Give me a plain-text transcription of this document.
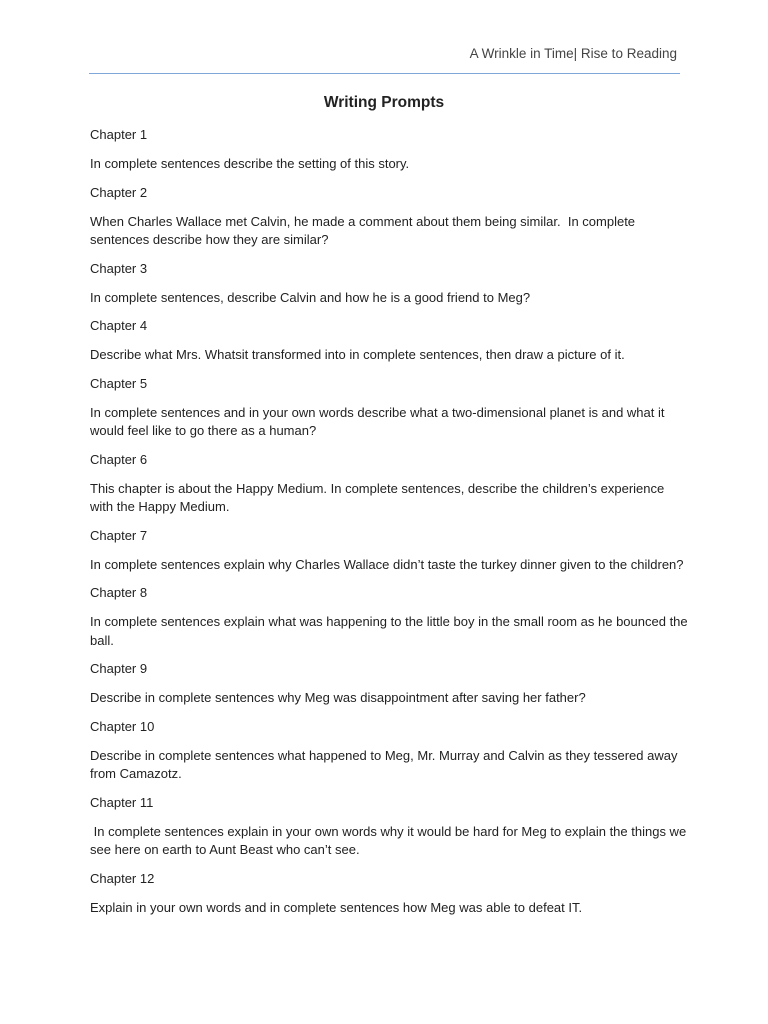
A Wrinkle in Time| Rise to Reading
Writing Prompts
Chapter 1
In complete sentences describe the setting of this story.
Chapter 2
When Charles Wallace met Calvin, he made a comment about them being similar.  In complete
sentences describe how they are similar?
Chapter 3
In complete sentences, describe Calvin and how he is a good friend to Meg?
Chapter 4
Describe what Mrs. Whatsit transformed into in complete sentences, then draw a picture of it.
Chapter 5
In complete sentences and in your own words describe what a two-dimensional planet is and what it
would feel like to go there as a human?
Chapter 6
This chapter is about the Happy Medium. In complete sentences, describe the children’s experience
with the Happy Medium.
Chapter 7
In complete sentences explain why Charles Wallace didn’t taste the turkey dinner given to the children?
Chapter 8
In complete sentences explain what was happening to the little boy in the small room as he bounced the
ball.
Chapter 9
Describe in complete sentences why Meg was disappointment after saving her father?
Chapter 10
Describe in complete sentences what happened to Meg, Mr. Murray and Calvin as they tessered away
from Camazotz.
Chapter 11
In complete sentences explain in your own words why it would be hard for Meg to explain the things we
see here on earth to Aunt Beast who can’t see.
Chapter 12
Explain in your own words and in complete sentences how Meg was able to defeat IT.
